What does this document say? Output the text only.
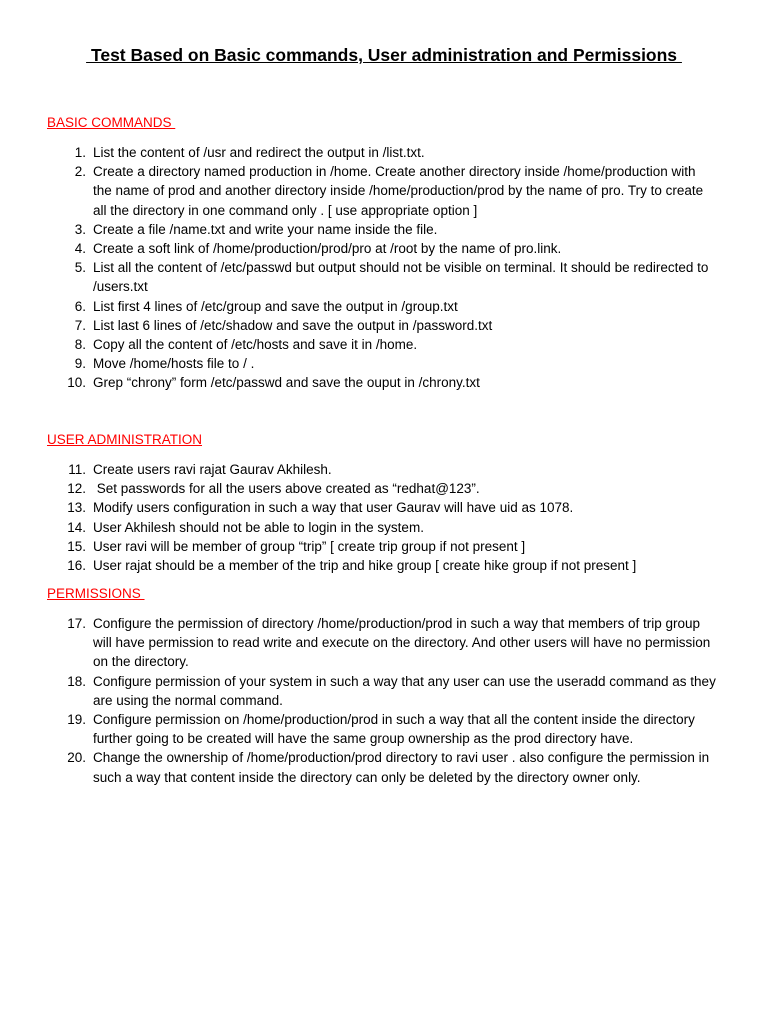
Test Based on Basic commands, User administration and Permissions
BASIC COMMANDS
1. List the content of /usr and redirect the output in /list.txt.
2. Create a directory named production in /home. Create another directory inside /home/production with the name of prod and another directory inside /home/production/prod by the name of pro. Try to create all the directory in one command only . [ use appropriate option ]
3. Create a file /name.txt and write your name inside the file.
4. Create a soft link of /home/production/prod/pro at /root by the name of pro.link.
5. List all the content of /etc/passwd but output should not be visible on terminal. It should be redirected to /users.txt
6. List first 4 lines of /etc/group and save the output in /group.txt
7. List last 6 lines of /etc/shadow and save the output in /password.txt
8. Copy all the content of /etc/hosts and save it in /home.
9. Move /home/hosts file to / .
10. Grep “chrony” form /etc/passwd and save the ouput in /chrony.txt
USER ADMINISTRATION
11. Create users ravi rajat Gaurav Akhilesh.
12. Set passwords for all the users above created as “redhat@123”.
13. Modify users configuration in such a way that user Gaurav will have uid as 1078.
14. User Akhilesh should not be able to login in the system.
15. User ravi will be member of group “trip” [ create trip group if not present ]
16. User rajat should be a member of the trip and hike group [ create hike group if not present ]
PERMISSIONS
17. Configure the permission of directory /home/production/prod in such a way that members of trip group will have permission to read write and execute on the directory. And other users will have no permission on the directory.
18. Configure permission of your system in such a way that any user can use the useradd command as they are using the normal command.
19. Configure permission on /home/production/prod in such a way that all the content inside the directory further going to be created will have the same group ownership as the prod directory have.
20. Change the ownership of /home/production/prod directory to ravi user . also configure the permission in such a way that content inside the directory can only be deleted by the directory owner only.
